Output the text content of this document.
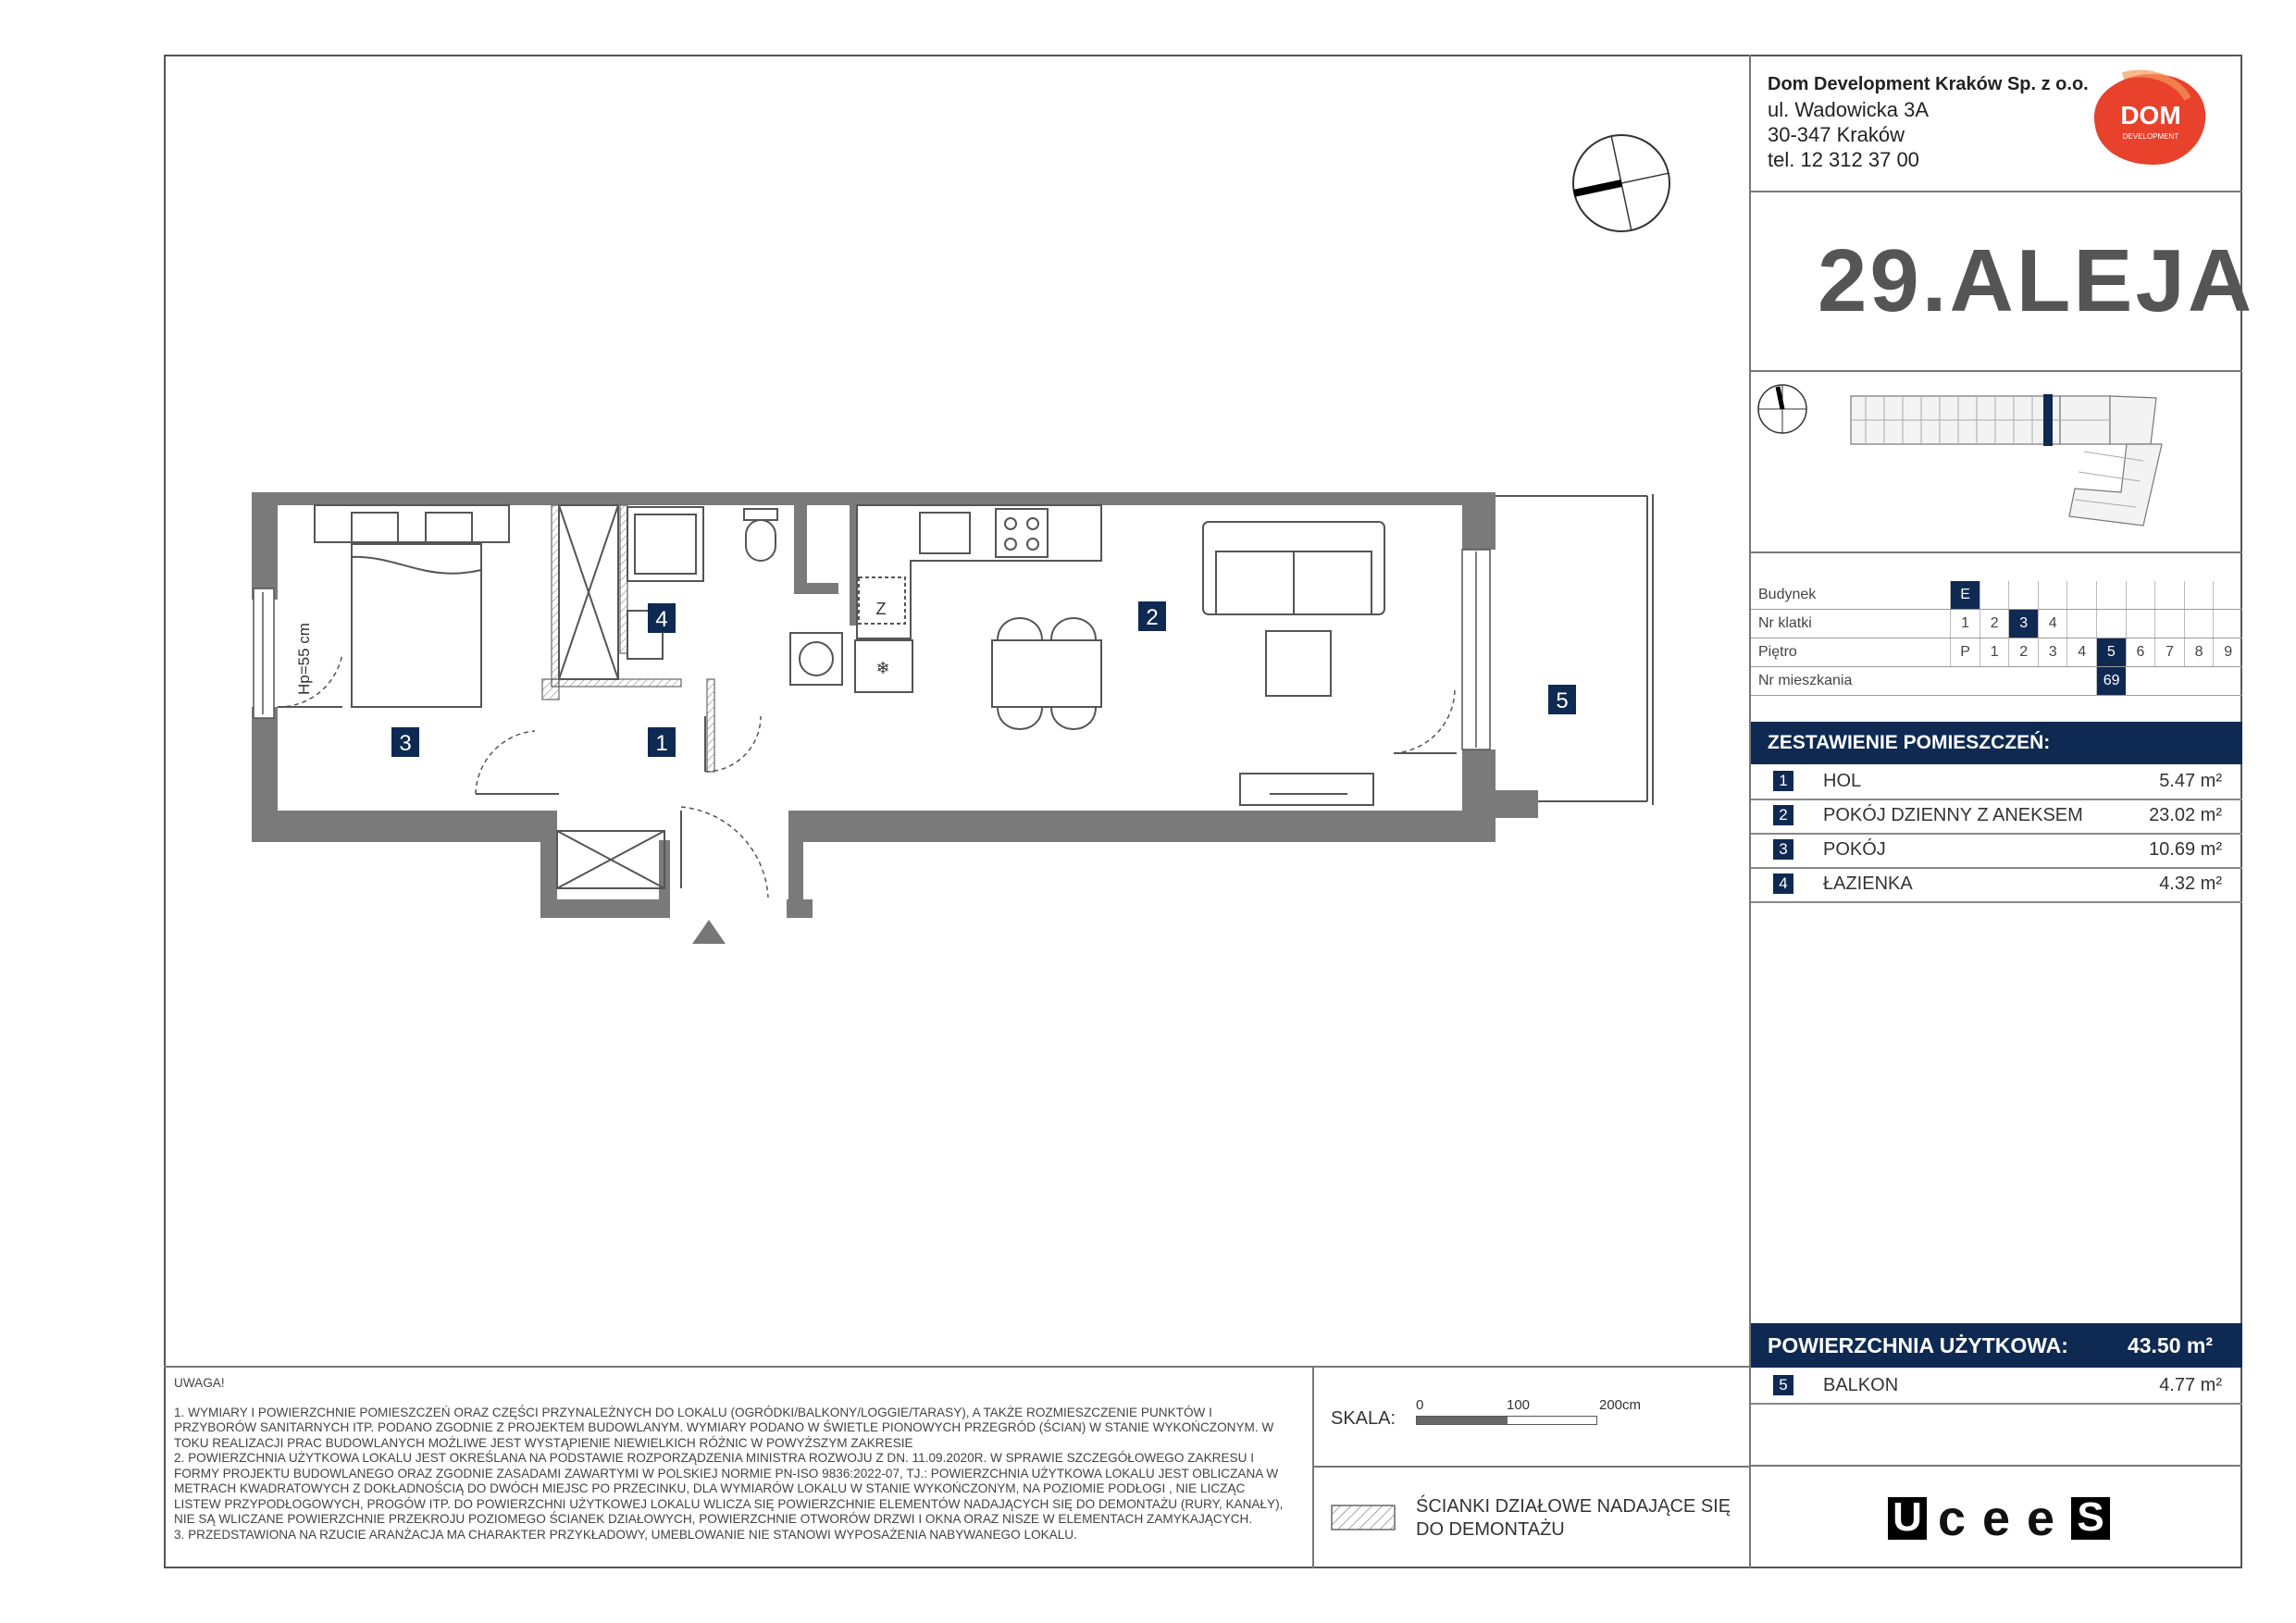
Dom Development Kraków Sp. z o.o.
ul. Wadowicka 3A
30-347 Kraków
tel. 12 312 37 00
DOM
DEVELOPMENT
29.ALEJA
Budynek	E									
Nr klatki	1	2	3	4						
Piętro	P	1	2	3	4	5	6	7	8	9
Nr mieszkania						69				
ZESTAWIENIE POMIESZCZEŃ:
1	HOL	5.47 m²
2	POKÓJ DZIENNY Z ANEKSEM	23.02 m²
3	POKÓJ	10.69 m²
4	ŁAZIENKA	4.32 m²
POWIERZCHNIA UŻYTKOWA:	43.50 m²
5	BALKON	4.77 m²
UWAGA!
1. WYMIARY I POWIERZCHNIE POMIESZCZEŃ ORAZ CZĘŚCI PRZYNALEŻNYCH DO LOKALU (OGRÓDKI/BALKONY/LOGGIE/TARASY), A TAKŻE ROZMIESZCZENIE PUNKTÓW I PRZYBORÓW SANITARNYCH ITP. PODANO ZGODNIE Z PROJEKTEM BUDOWLANYM. WYMIARY PODANO W ŚWIETLE PIONOWYCH PRZEGRÓD (ŚCIAN) W STANIE WYKOŃCZONYM. W TOKU REALIZACJI PRAC BUDOWLANYCH MOŻLIWE JEST WYSTĄPIENIE NIEWIELKICH RÓŻNIC W POWYŻSZYM ZAKRESIE
2. POWIERZCHNIA UŻYTKOWA LOKALU JEST OKREŚLANA NA PODSTAWIE ROZPORZĄDZENIA MINISTRA ROZWOJU Z DN. 11.09.2020R. W SPRAWIE SZCZEGÓŁOWEGO ZAKRESU I FORMY PROJEKTU BUDOWLANEGO ORAZ ZGODNIE ZASADAMI ZAWARTYMI W POLSKIEJ NORMIE PN-ISO 9836:2022-07, TJ.: POWIERZCHNIA UŻYTKOWA LOKALU JEST OBLICZANA W METRACH KWADRATOWYCH Z DOKŁADNOŚCIĄ DO DWÓCH MIEJSC PO PRZECINKU, DLA WYMIARÓW LOKALU W STANIE WYKOŃCZONYM, NA POZIOMIE PODŁOGI , NIE LICZĄC LISTEW PRZYPODŁOGOWYCH, PROGÓW ITP. DO POWIERZCHNI UŻYTKOWEJ LOKALU WLICZA SIĘ POWIERZCHNIE ELEMENTÓW NADAJĄCYCH SIĘ DO DEMONTAŻU (RURY, KANAŁY), NIE SĄ WLICZANE POWIERZCHNIE PRZEKROJU POZIOMEGO ŚCIANEK DZIAŁOWYCH, POWIERZCHNIE OTWORÓW DRZWI I OKNA ORAZ NISZE W ELEMENTACH ZAMYKAJĄCYCH.
3. PRZEDSTAWIONA NA RZUCIE ARANŻACJA MA CHARAKTER PRZYKŁADOWY, UMEBLOWANIE NIE STANOWI WYPOSAŻENIA NABYWANEGO LOKALU.
SKALA:
0	100	200cm
ŚCIANKI DZIAŁOWE NADAJĄCE SIĘ
DO DEMONTAŻU	U c e e S
Hp=55 cm
Z
❄
4	2
3	1
5
